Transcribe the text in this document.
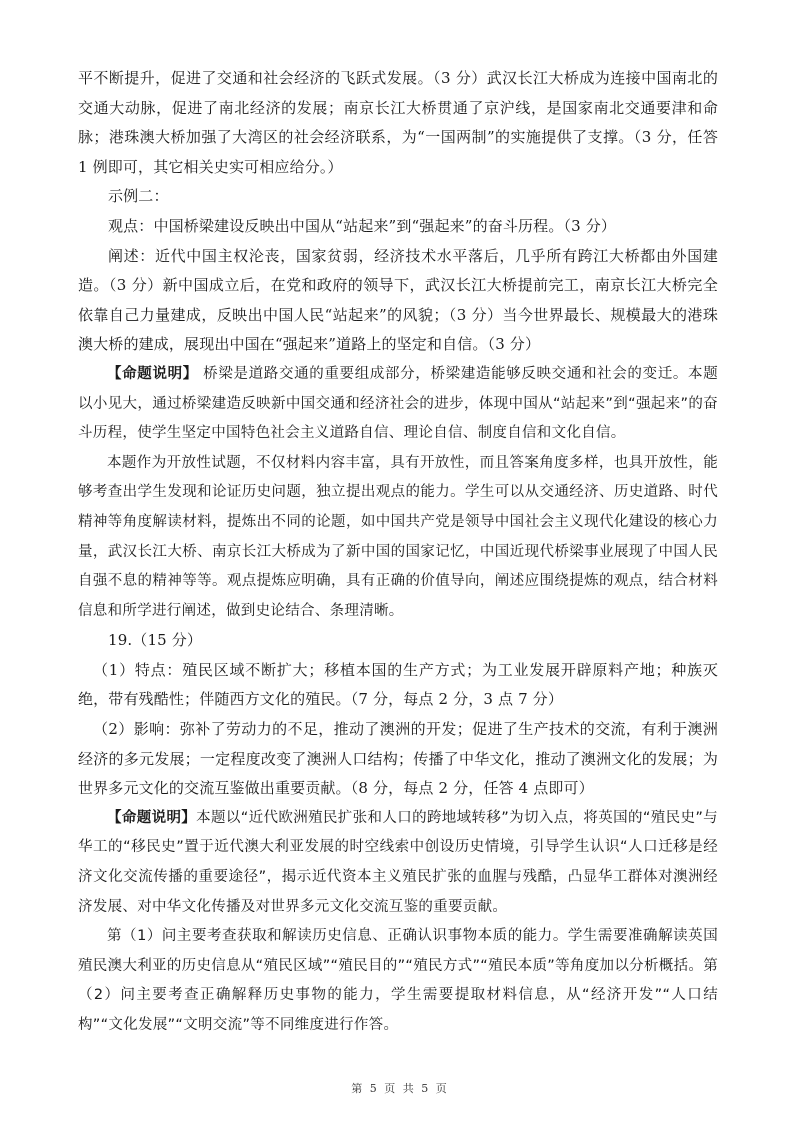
平不断提升，促进了交通和社会经济的飞跃式发展。（3 分）武汉长江大桥成为连接中国南北的交通大动脉，促进了南北经济的发展；南京长江大桥贯通了京沪线，是国家南北交通要津和命脉；港珠澳大桥加强了大湾区的社会经济联系，为“一国两制”的实施提供了支撑。（3 分，任答 1 例即可，其它相关史实可相应给分。）

示例二：

观点：中国桥梁建设反映出中国从“站起来”到“强起来”的奋斗历程。（3 分）

阐述：近代中国主权沦丧，国家贫弱，经济技术水平落后，几乎所有跨江大桥都由外国建造。（3 分）新中国成立后，在党和政府的领导下，武汉长江大桥提前完工，南京长江大桥完全依靠自己力量建成，反映出中国人民“站起来”的风貌；（3 分）当今世界最长、规模最大的港珠澳大桥的建成，展现出中国在“强起来”道路上的坚定和自信。（3 分）

【命题说明】 桥梁是道路交通的重要组成部分，桥梁建造能够反映交通和社会的变迁。本题以小见大，通过桥梁建造反映新中国交通和经济社会的进步，体现中国从“站起来”到“强起来”的奋斗历程，使学生坚定中国特色社会主义道路自信、理论自信、制度自信和文化自信。

本题作为开放性试题，不仅材料内容丰富，具有开放性，而且答案角度多样，也具开放性，能够考查出学生发现和论证历史问题，独立提出观点的能力。学生可以从交通经济、历史道路、时代精神等角度解读材料，提炼出不同的论题，如中国共产党是领导中国社会主义现代化建设的核心力量，武汉长江大桥、南京长江大桥成为了新中国的国家记忆，中国近现代桥梁事业展现了中国人民自强不息的精神等等。观点提炼应明确，具有正确的价值导向，阐述应围绕提炼的观点，结合材料信息和所学进行阐述，做到史论结合、条理清晰。

19.（15 分）

（1）特点：殖民区域不断扩大；移植本国的生产方式；为工业发展开辟原料产地；种族灭绝，带有残酷性；伴随西方文化的殖民。（7 分，每点 2 分，3 点 7 分）

（2）影响：弥补了劳动力的不足，推动了澳洲的开发；促进了生产技术的交流，有利于澳洲经济的多元发展；一定程度改变了澳洲人口结构；传播了中华文化，推动了澳洲文化的发展；为世界多元文化的交流互鉴做出重要贡献。（8 分，每点 2 分，任答 4 点即可）

【命题说明】本题以“近代欧洲殖民扩张和人口的跨地域转移”为切入点，将英国的“殖民史”与华工的“移民史”置于近代澳大利亚发展的时空线索中创设历史情境，引导学生认识“人口迁移是经济文化交流传播的重要途径”，揭示近代资本主义殖民扩张的血腥与残酷，凸显华工群体对澳洲经济发展、对中华文化传播及对世界多元文化交流互鉴的重要贡献。

第（1）问主要考查获取和解读历史信息、正确认识事物本质的能力。学生需要准确解读英国殖民澳大利亚的历史信息从“殖民区域”“殖民目的”“殖民方式”“殖民本质”等角度加以分析概括。第（2）问主要考查正确解释历史事物的能力，学生需要提取材料信息，从“经济开发”“人口结构”“文化发展”“文明交流”等不同维度进行作答。

第 5 页 共 5 页
